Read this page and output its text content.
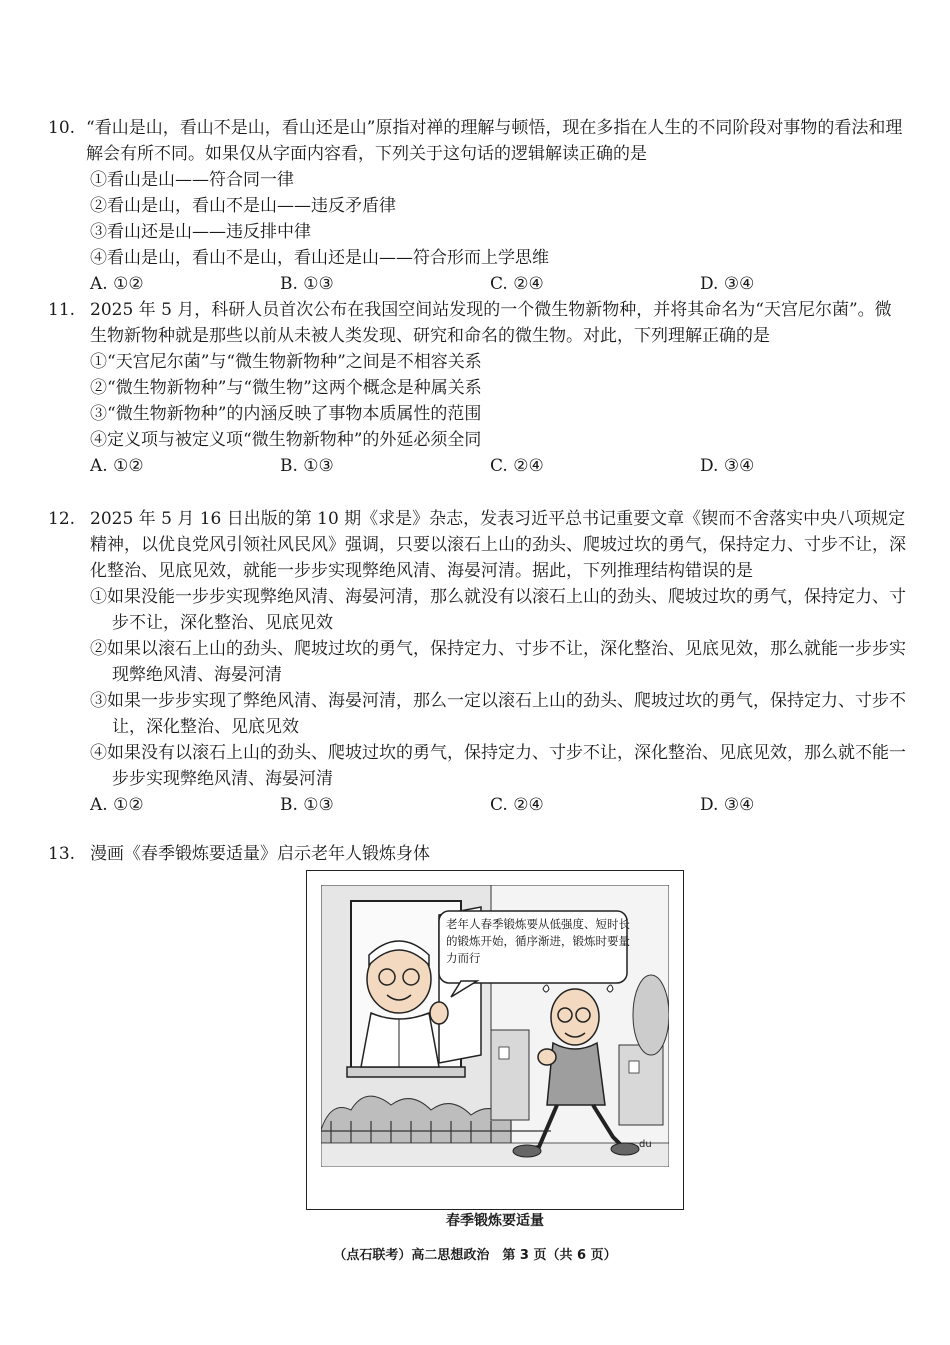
10. “看山是山，看山不是山，看山还是山”原指对禅的理解与顿悟，现在多指在人生的不同阶段对事物的看法和理解会有所不同。如果仅从字面内容看，下列关于这句话的逻辑解读正确的是
①看山是山——符合同一律
②看山是山，看山不是山——违反矛盾律
③看山还是山——违反排中律
④看山是山，看山不是山，看山还是山——符合形而上学思维
A. ①②	B. ①③	C. ②④	D. ③④
11. 2025 年 5 月，科研人员首次公布在我国空间站发现的一个微生物新物种，并将其命名为“天宫尼尔菌”。微生物新物种就是那些以前从未被人类发现、研究和命名的微生物。对此，下列理解正确的是
①“天宫尼尔菌”与“微生物新物种”之间是不相容关系
②“微生物新物种”与“微生物”这两个概念是种属关系
③“微生物新物种”的内涵反映了事物本质属性的范围
④定义项与被定义项“微生物新物种”的外延必须全同
A. ①②	B. ①③	C. ②④	D. ③④
12. 2025 年 5 月 16 日出版的第 10 期《求是》杂志，发表习近平总书记重要文章《锲而不舍落实中央八项规定精神，以优良党风引领社风民风》强调，只要以滚石上山的劲头、爬坡过坎的勇气，保持定力、寸步不让，深化整治、见底见效，就能一步步实现弊绝风清、海晏河清。据此，下列推理结构错误的是
①如果没能一步步实现弊绝风清、海晏河清，那么就没有以滚石上山的劲头、爬坡过坎的勇气，保持定力、寸步不让，深化整治、见底见效
②如果以滚石上山的劲头、爬坡过坎的勇气，保持定力、寸步不让，深化整治、见底见效，那么就能一步步实现弊绝风清、海晏河清
③如果一步步实现了弊绝风清、海晏河清，那么一定以滚石上山的劲头、爬坡过坎的勇气，保持定力、寸步不让，深化整治、见底见效
④如果没有以滚石上山的劲头、爬坡过坎的勇气，保持定力、寸步不让，深化整治、见底见效，那么就不能一步步实现弊绝风清、海晏河清
A. ①②	B. ①③	C. ②④	D. ③④
13. 漫画《春季锻炼要适量》启示老年人锻炼身体
du
老年人春季锻炼要从低强度、短时长的锻炼开始，循序渐进，锻炼时要量力而行
春季锻炼要适量
（点石联考）高二思想政治　第 3 页（共 6 页）
